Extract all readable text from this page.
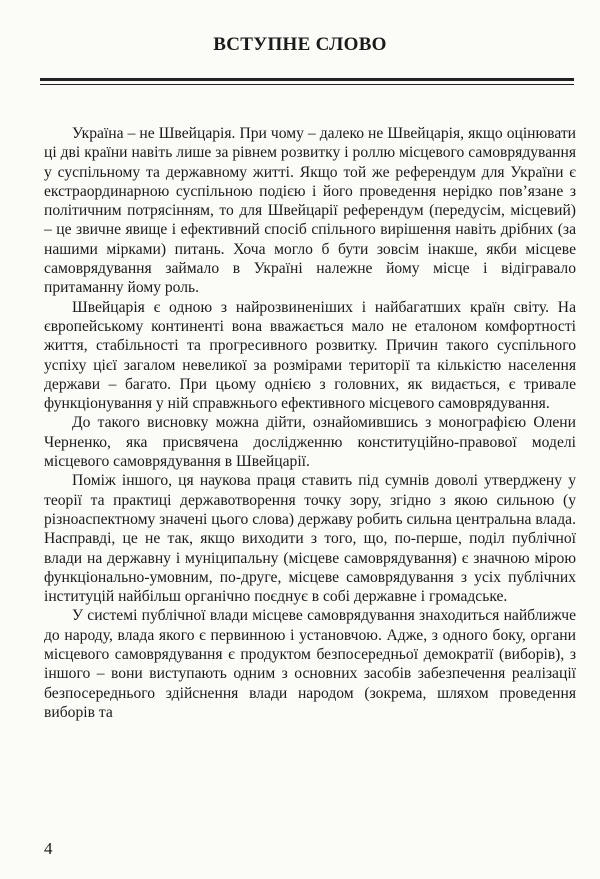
ВСТУПНЕ СЛОВО

Україна – не Швейцарія. При чому – далеко не Швейцарія, якщо оцінювати ці дві країни навіть лише за рівнем розвитку і роллю місцевого самоврядування у суспільному та державному житті. Якщо той же референдум для України є екстраординарною суспільною подією і його проведення нерідко пов’язане з політичним потрясінням, то для Швейцарії референдум (передусім, місцевий) – це звичне явище і ефективний спосіб спільного вирішення навіть дрібних (за нашими мірками) питань. Хоча могло б бути зовсім інакше, якби місцеве самоврядування займало в Україні належне йому місце і відігравало притаманну йому роль.

Швейцарія є одною з найрозвиненіших і найбагатших країн світу. На європейському континенті вона вважається мало не еталоном комфортності життя, стабільності та прогресивного розвитку. Причин такого суспільного успіху цієї загалом невеликої за розмірами території та кількістю населення держави – багато. При цьому однією з головних, як видається, є тривале функціонування у ній справжнього ефективного місцевого самоврядування.

До такого висновку можна дійти, ознайомившись з монографією Олени Черненко, яка присвячена дослідженню конституційно-правової моделі місцевого самоврядування в Швейцарії.

Поміж іншого, ця наукова праця ставить під сумнів доволі утверджену у теорії та практиці державотворення точку зору, згідно з якою сильною (у різноаспектному значені цього слова) державу робить сильна центральна влада. Насправді, це не так, якщо виходити з того, що, по-перше, поділ публічної влади на державну і муніципальну (місцеве самоврядування) є значною мірою функціонально-умовним, по-друге, місцеве самоврядування з усіх публічних інституцій найбільш органічно поєднує в собі державне і громадське.

У системі публічної влади місцеве самоврядування знаходиться найближче до народу, влада якого є первинною і установчою. Адже, з одного боку, органи місцевого самоврядування є продуктом безпосередньої демократії (виборів), з іншого – вони виступають одним з основних засобів забезпечення реалізації безпосереднього здійснення влади народом (зокрема, шляхом проведення виборів та

4
